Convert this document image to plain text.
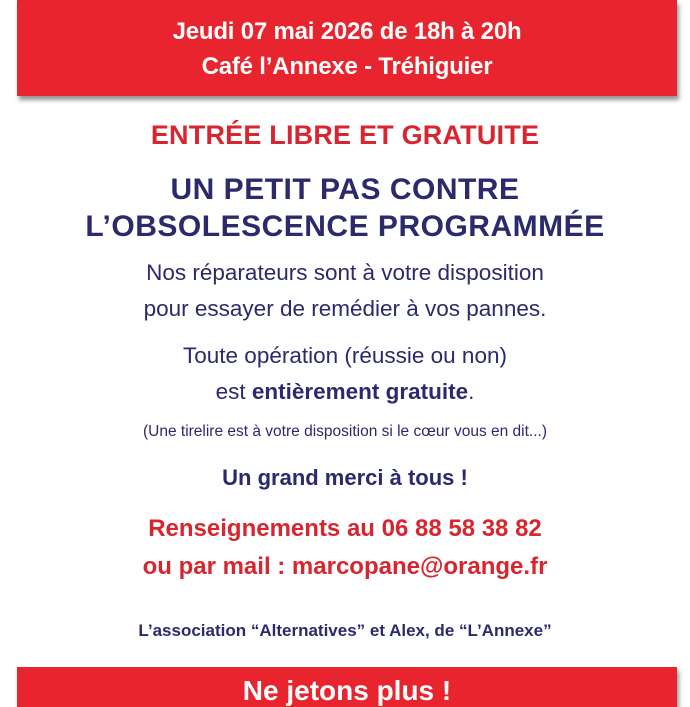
Jeudi 07 mai 2026 de 18h à 20h
Café l’Annexe - Tréhiguier
ENTRÉE LIBRE ET GRATUITE
UN PETIT PAS CONTRE
L’OBSOLESCENCE PROGRAMMÉE
Nos réparateurs sont à votre disposition
pour essayer de remédier à vos pannes.
Toute opération (réussie ou non)
est entièrement gratuite.
(Une tirelire est à votre disposition si le cœur vous en dit...)
Un grand merci à tous !
Renseignements au 06 88 58 38 82
ou par mail : marcopane@orange.fr
L’association “Alternatives” et Alex, de “L’Annexe”
Ne jetons plus !
